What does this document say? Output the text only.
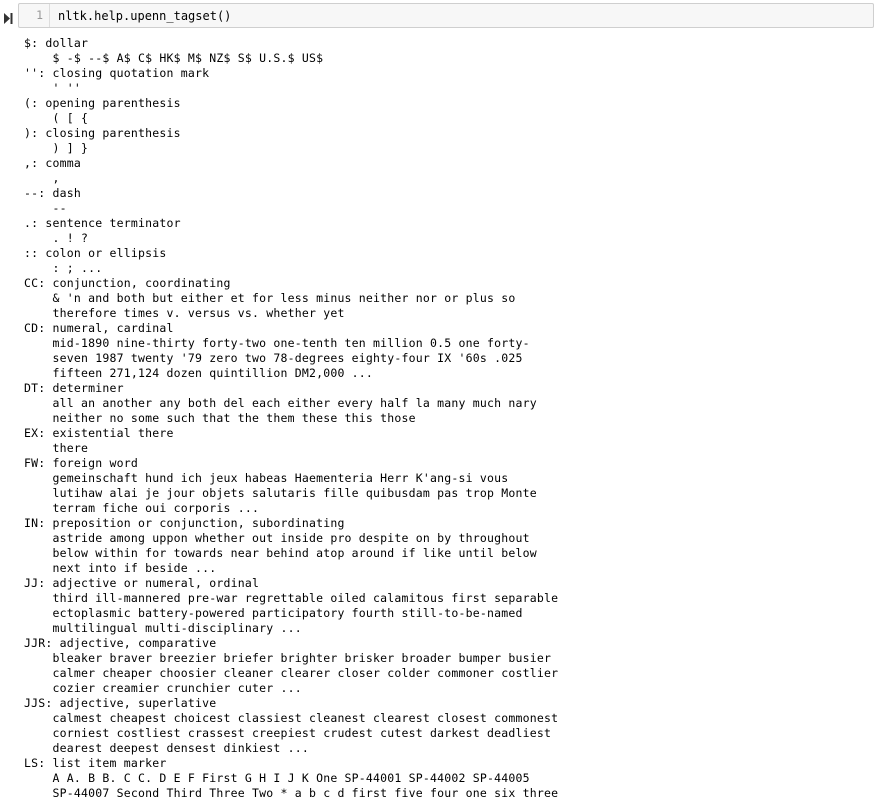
1	nltk.help.upenn_tagset()
$: dollar
$ -$ --$ A$ C$ HK$ M$ NZ$ S$ U.S.$ US$
'': closing quotation mark
' ''
(: opening parenthesis
( [ {
): closing parenthesis
) ] }
,: comma
,
--: dash
--
.: sentence terminator
. ! ?
:: colon or ellipsis
: ; ...
CC: conjunction, coordinating
& 'n and both but either et for less minus neither nor or plus so
therefore times v. versus vs. whether yet
CD: numeral, cardinal
mid-1890 nine-thirty forty-two one-tenth ten million 0.5 one forty-
seven 1987 twenty '79 zero two 78-degrees eighty-four IX '60s .025
fifteen 271,124 dozen quintillion DM2,000 ...
DT: determiner
all an another any both del each either every half la many much nary
neither no some such that the them these this those
EX: existential there
there
FW: foreign word
gemeinschaft hund ich jeux habeas Haementeria Herr K'ang-si vous
lutihaw alai je jour objets salutaris fille quibusdam pas trop Monte
terram fiche oui corporis ...
IN: preposition or conjunction, subordinating
astride among uppon whether out inside pro despite on by throughout
below within for towards near behind atop around if like until below
next into if beside ...
JJ: adjective or numeral, ordinal
third ill-mannered pre-war regrettable oiled calamitous first separable
ectoplasmic battery-powered participatory fourth still-to-be-named
multilingual multi-disciplinary ...
JJR: adjective, comparative
bleaker braver breezier briefer brighter brisker broader bumper busier
calmer cheaper choosier cleaner clearer closer colder commoner costlier
cozier creamier crunchier cuter ...
JJS: adjective, superlative
calmest cheapest choicest classiest cleanest clearest closest commonest
corniest costliest crassest creepiest crudest cutest darkest deadliest
dearest deepest densest dinkiest ...
LS: list item marker
A A. B B. C C. D E F First G H I J K One SP-44001 SP-44002 SP-44005
SP-44007 Second Third Three Two * a b c d first five four one six three
